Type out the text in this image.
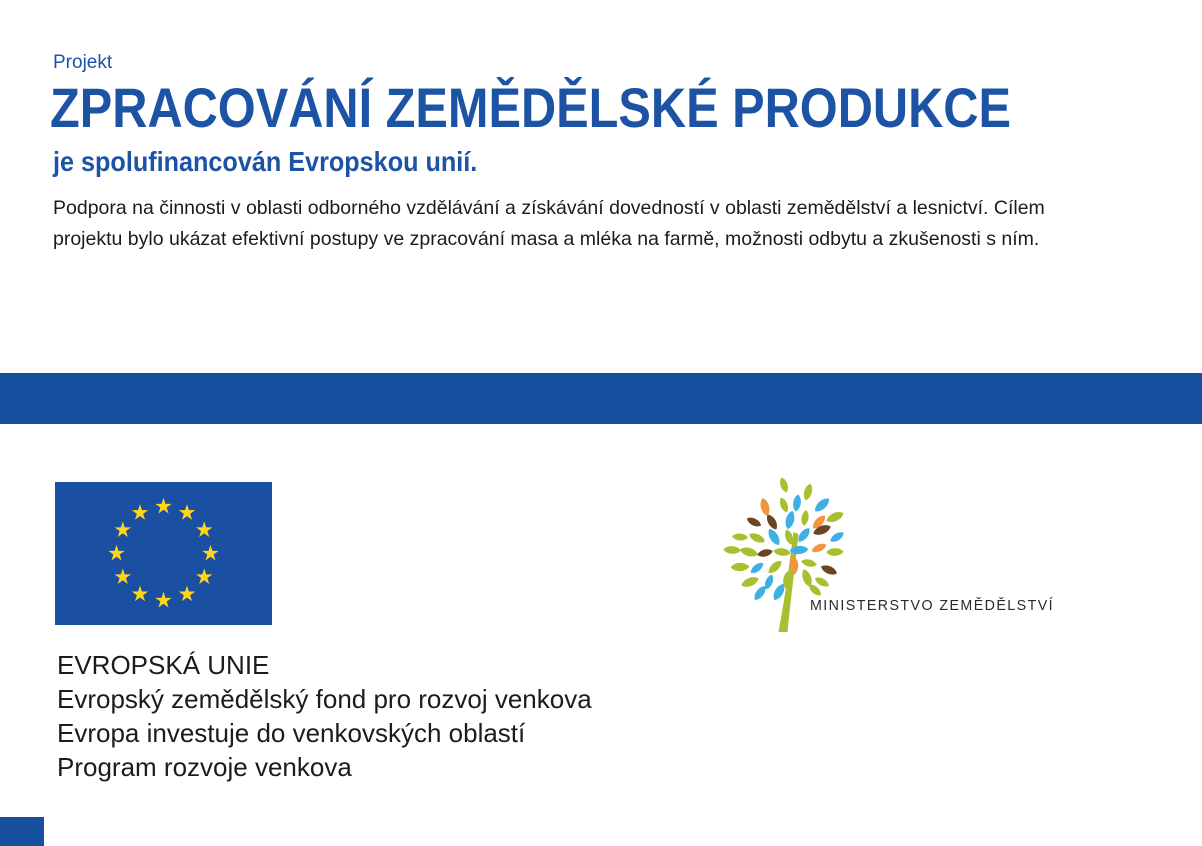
Projekt
ZPRACOVÁNÍ ZEMĚDĚLSKÉ PRODUKCE
je spolufinancován Evropskou unií.
Podpora na činnosti v oblasti odborného vzdělávání a získávání dovedností v oblasti zemědělství a lesnictví. Cílem
projektu bylo ukázat efektivní postupy ve zpracování masa a mléka na farmě, možnosti odbytu a zkušenosti s ním.
EVROPSKÁ UNIE
Evropský zemědělský fond pro rozvoj venkova
Evropa investuje do venkovských oblastí
Program rozvoje venkova
MINISTERSTVO ZEMĚDĚLSTVÍ
